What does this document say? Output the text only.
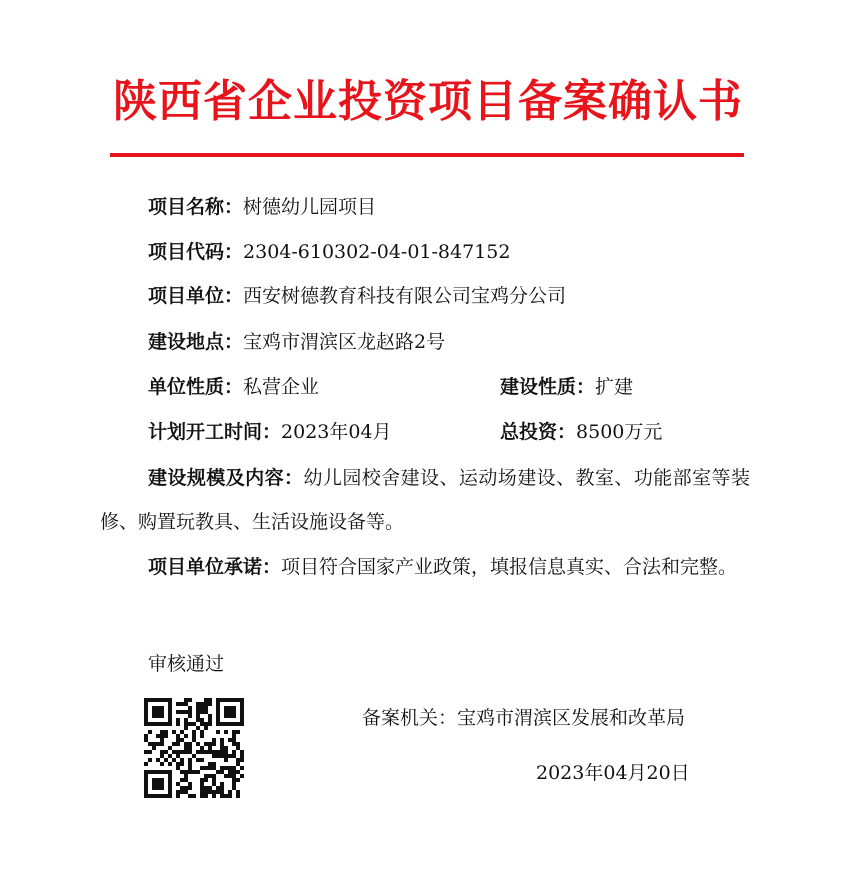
陕西省企业投资项目备案确认书
项目名称：树德幼儿园项目
项目代码：2304-610302-04-01-847152
项目单位：西安树德教育科技有限公司宝鸡分公司
建设地点：宝鸡市渭滨区龙赵路2号
单位性质：私营企业	建设性质：扩建
计划开工时间：2023年04月	总投资：8500万元
建设规模及内容：幼儿园校舍建设、运动场建设、教室、功能部室等装修、购置玩教具、生活设施设备等。
项目单位承诺：项目符合国家产业政策，填报信息真实、合法和完整。
审核通过
备案机关：宝鸡市渭滨区发展和改革局
2023年04月20日
